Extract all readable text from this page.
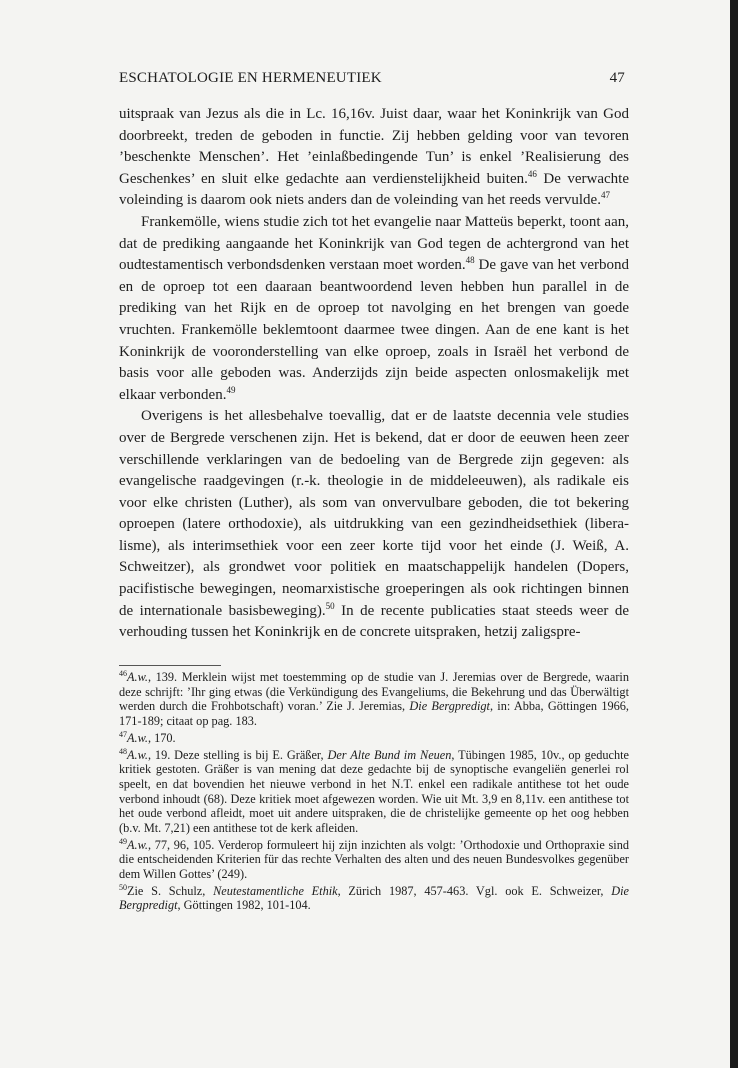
ESCHATOLOGIE EN HERMENEUTIEK	47

uitspraak van Jezus als die in Lc. 16,16v. Juist daar, waar het Koninkrijk van God doorbreekt, treden de geboden in functie. Zij hebben gelding voor van tevoren ’beschenkte Menschen’. Het ’einlaßbedingende Tun’ is enkel ’Realisierung des Geschenkes’ en sluit elke gedachte aan verdienstelijkheid buiten.$^{46}$ De verwachte voleinding is daarom ook niets anders dan de voleinding van het reeds vervulde.$^{47}$

Frankemölle, wiens studie zich tot het evangelie naar Matteüs beperkt, toont aan, dat de prediking aangaande het Koninkrijk van God tegen de achtergrond van het oudtestamentisch verbondsdenken verstaan moet worden.$^{48}$ De gave van het verbond en de oproep tot een daaraan beantwoordend leven hebben hun parallel in de prediking van het Rijk en de oproep tot navolging en het brengen van goede vruchten. Frankemölle beklemtoont daarmee twee dingen. Aan de ene kant is het Koninkrijk de vooronderstelling van elke oproep, zoals in Israël het verbond de basis voor alle geboden was. Anderzijds zijn beide aspecten onlosmakelijk met elkaar verbonden.$^{49}$

Overigens is het allesbehalve toevallig, dat er de laatste decennia vele studies over de Bergrede verschenen zijn. Het is bekend, dat er door de eeuwen heen zeer verschillende verklaringen van de bedoeling van de Bergrede zijn gegeven: als evangelische raadgevingen (r.-k. theologie in de middeleeuwen), als radikale eis voor elke christen (Luther), als som van onvervulbare geboden, die tot bekering oproepen (latere orthodoxie), als uitdrukking van een gezindheidsethiek (liberalisme), als interimsethiek voor een zeer korte tijd voor het einde (J. Weiß, A. Schweitzer), als grondwet voor politiek en maatschappelijk handelen (Dopers, pacifistische bewegingen, neomarxistische groeperingen als ook richtingen binnen de internationale basisbeweging).$^{50}$ In de recente publicaties staat steeds weer de verhouding tussen het Koninkrijk en de concrete uitspraken, hetzij zaligspre-

$^{46}$A.w., 139. Merklein wijst met toestemming op de studie van J. Jeremias over de Bergrede, waarin deze schrijft: ’Ihr ging etwas (die Verkündigung des Evangeliums, die Bekehrung und das Überwältigt werden durch die Frohbotschaft) voran.’ Zie J. Jeremias, Die Bergpredigt, in: Abba, Göttingen 1966, 171-189; citaat op pag. 183.

$^{47}$A.w., 170.

$^{48}$A.w., 19. Deze stelling is bij E. Gräßer, Der Alte Bund im Neuen, Tübingen 1985, 10v., op geduchte kritiek gestoten. Gräßer is van mening dat deze gedachte bij de synoptische evangeliën generlei rol speelt, en dat bovendien het nieuwe verbond in het N.T. enkel een radikale antithese tot het oude verbond inhoudt (68). Deze kritiek moet afgewezen worden. Wie uit Mt. 3,9 en 8,11v. een antithese tot het oude verbond afleidt, moet uit andere uitspraken, die de christelijke gemeente op het oog hebben (b.v. Mt. 7,21) een antithese tot de kerk afleiden.

$^{49}$A.w., 77, 96, 105. Verderop formuleert hij zijn inzichten als volgt: ’Orthodoxie und Orthopraxie sind die entscheidenden Kriterien für das rechte Verhalten des alten und des neuen Bundesvolkes gegenüber dem Willen Gottes’ (249).

$^{50}$Zie S. Schulz, Neutestamentliche Ethik, Zürich 1987, 457-463. Vgl. ook E. Schweizer, Die Bergpredigt, Göttingen 1982, 101-104.
